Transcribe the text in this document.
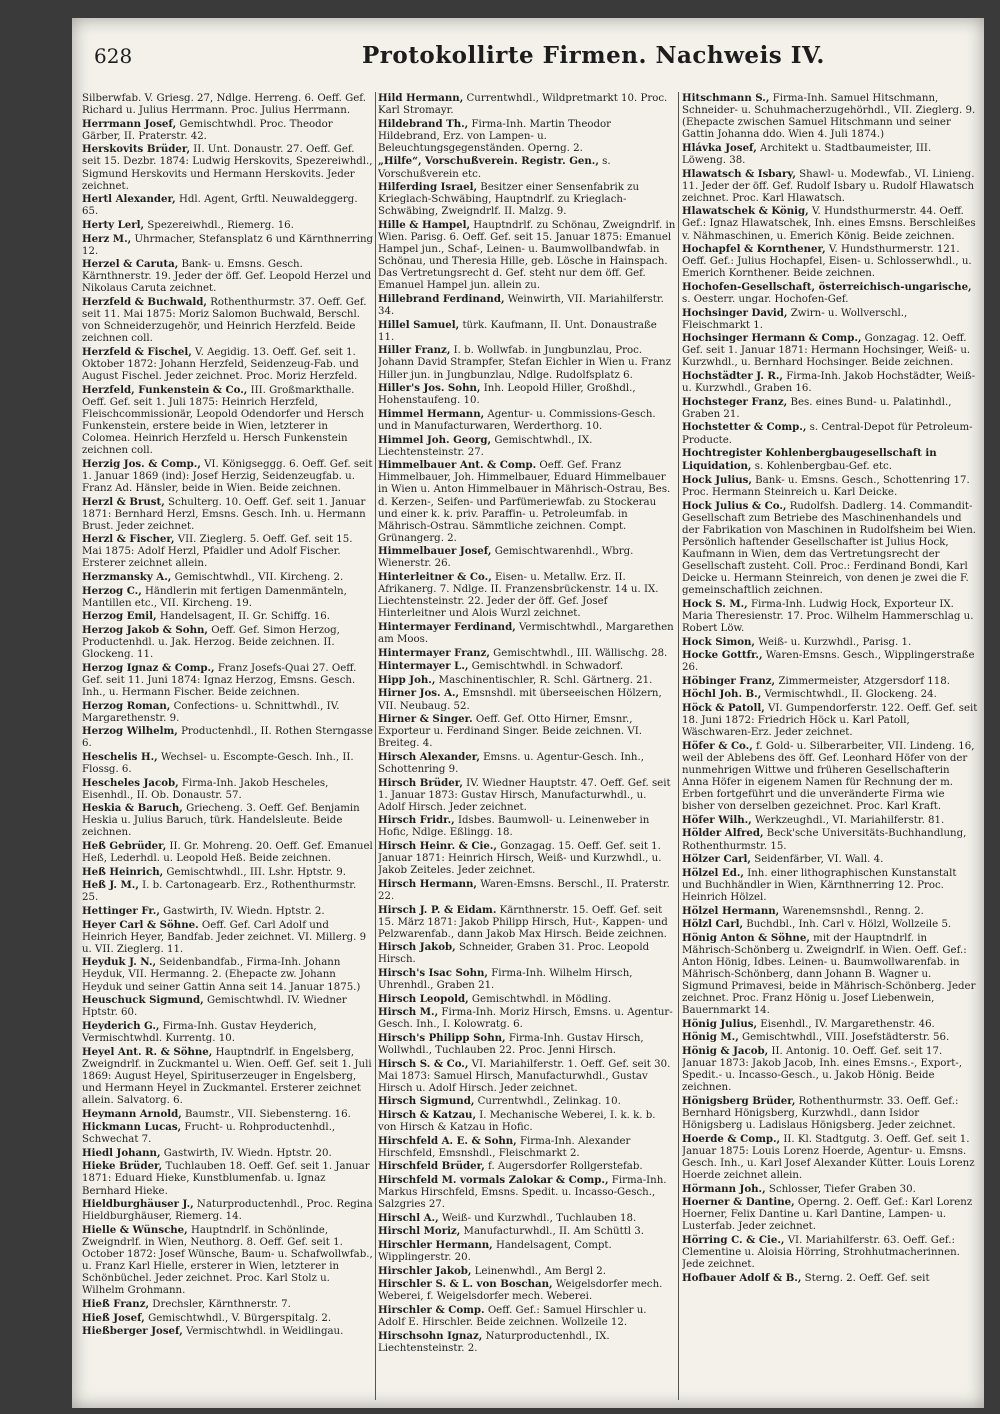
628	Protokollirte Firmen. Nachweis IV.
Silberwfab. V. Griesg. 27, Ndlge. Herreng. 6. Oeff. Gef. Richard u. Julius Herrmann. Proc. Julius Herrmann.
Herrmann Josef, Gemischtwhdl. Proc. Theodor Gärber, II. Praterstr. 42.
Herskovits Brüder, II. Unt. Donaustr. 27. Oeff. Gef. seit 15. Dezbr. 1874: Ludwig Herskovits, Spezereiwhdl., Sigmund Herskovits und Hermann Herskovits. Jeder zeichnet.
Hertl Alexander, Hdl. Agent, Grftl. Neuwaldeggerg. 65.
Herty Lerl, Spezereiwhdl., Riemerg. 16.
Herz M., Uhrmacher, Stefansplatz 6 und Kärnthnerring 12.
Herzel & Caruta, Bank- u. Emsns. Gesch. Kärnthnerstr. 19. Jeder der öff. Gef. Leopold Herzel und Nikolaus Caruta zeichnet.
Herzfeld & Buchwald, Rothenthurmstr. 37. Oeff. Gef. seit 11. Mai 1875: Moriz Salomon Buchwald, Berschl. von Schneiderzugehör, und Heinrich Herzfeld. Beide zeichnen coll.
Herzfeld & Fischel, V. Aegidig. 13. Oeff. Gef. seit 1. Oktober 1872: Johann Herzfeld, Seidenzeug-Fab. und August Fischel. Jeder zeichnet. Proc. Moriz Herzfeld.
Herzfeld, Funkenstein & Co., III. Großmarkthalle. Oeff. Gef. seit 1. Juli 1875: Heinrich Herzfeld, Fleischcommissionär, Leopold Odendorfer und Hersch Funkenstein, erstere beide in Wien, letzterer in Colomea. Heinrich Herzfeld u. Hersch Funkenstein zeichnen coll.
Herzig Jos. & Comp., VI. Königseggg. 6. Oeff. Gef. seit 1. Januar 1869 (ind): Josef Herzig, Seidenzeugfab. u. Franz Ad. Hänsler, beide in Wien. Beide zeichnen.
Herzl & Brust, Schulterg. 10. Oeff. Gef. seit 1. Januar 1871: Bernhard Herzl, Emsns. Gesch. Inh. u. Hermann Brust. Jeder zeichnet.
Herzl & Fischer, VII. Zieglerg. 5. Oeff. Gef. seit 15. Mai 1875: Adolf Herzl, Pfaidler und Adolf Fischer. Ersterer zeichnet allein.
Herzmansky A., Gemischtwhdl., VII. Kircheng. 2.
Herzog C., Händlerin mit fertigen Damenmänteln, Mantillen etc., VII. Kircheng. 19.
Herzog Emil, Handelsagent, II. Gr. Schiffg. 16.
Herzog Jakob & Sohn, Oeff. Gef. Simon Herzog, Productenhdl. u. Jak. Herzog. Beide zeichnen. II. Glockeng. 11.
Herzog Ignaz & Comp., Franz Josefs-Quai 27. Oeff. Gef. seit 11. Juni 1874: Ignaz Herzog, Emsns. Gesch. Inh., u. Hermann Fischer. Beide zeichnen.
Herzog Roman, Confections- u. Schnittwhdl., IV. Margarethenstr. 9.
Herzog Wilhelm, Productenhdl., II. Rothen Sterngasse 6.
Heschelis H., Wechsel- u. Escompte-Gesch. Inh., II. Flossg. 6.
Hescheles Jacob, Firma-Inh. Jakob Hescheles, Eisenhdl., II. Ob. Donaustr. 57.
Heskia & Baruch, Griecheng. 3. Oeff. Gef. Benjamin Heskia u. Julius Baruch, türk. Handelsleute. Beide zeichnen.
Heß Gebrüder, II. Gr. Mohreng. 20. Oeff. Gef. Emanuel Heß, Lederhdl. u. Leopold Heß. Beide zeichnen.
Heß Heinrich, Gemischtwhdl., III. Lshr. Hptstr. 9.
Heß J. M., I. b. Cartonagearb. Erz., Rothenthurmstr. 25.
Hettinger Fr., Gastwirth, IV. Wiedn. Hptstr. 2.
Heyer Carl & Söhne. Oeff. Gef. Carl Adolf und Heinrich Heyer, Bandfab. Jeder zeichnet. VI. Millerg. 9 u. VII. Zieglerg. 11.
Heyduk J. N., Seidenbandfab., Firma-Inh. Johann Heyduk, VII. Hermanng. 2. (Ehepacte zw. Johann Heyduk und seiner Gattin Anna seit 14. Januar 1875.)
Heuschuck Sigmund, Gemischtwhdl. IV. Wiedner Hptstr. 60.
Heyderich G., Firma-Inh. Gustav Heyderich, Vermischtwhdl. Kurrentg. 10.
Heyel Ant. R. & Söhne, Hauptndrlf. in Engelsberg, Zweigndrlf. in Zuckmantel u. Wien. Oeff. Gef. seit 1. Juli 1869: August Heyel, Spirituserzeuger in Engelsberg, und Hermann Heyel in Zuckmantel. Ersterer zeichnet allein. Salvatorg. 6.
Heymann Arnold, Baumstr., VII. Siebensterng. 16.
Hickmann Lucas, Frucht- u. Rohproductenhdl., Schwechat 7.
Hiedl Johann, Gastwirth, IV. Wiedn. Hptstr. 20.
Hieke Brüder, Tuchlauben 18. Oeff. Gef. seit 1. Januar 1871: Eduard Hieke, Kunstblumenfab. u. Ignaz Bernhard Hieke.
Hieldburghäuser J., Naturproductenhdl., Proc. Regina Hieldburghäuser, Riemerg. 14.
Hielle & Wünsche, Hauptndrlf. in Schönlinde, Zweigndrlf. in Wien, Neuthorg. 8. Oeff. Gef. seit 1. October 1872: Josef Wünsche, Baum- u. Schafwollwfab., u. Franz Karl Hielle, ersterer in Wien, letzterer in Schönbüchel. Jeder zeichnet. Proc. Karl Stolz u. Wilhelm Grohmann.
Hieß Franz, Drechsler, Kärnthnerstr. 7.
Hieß Josef, Gemischtwhdl., V. Bürgerspitalg. 2.
Hießberger Josef, Vermischtwhdl. in Weidlingau.
Hild Hermann, Currentwhdl., Wildpretmarkt 10. Proc. Karl Stromayr.
Hildebrand Th., Firma-Inh. Martin Theodor Hildebrand, Erz. von Lampen- u. Beleuchtungsgegenständen. Operng. 2.
„Hilfe“, Vorschußverein. Registr. Gen., s. Vorschußverein etc.
Hilferding Israel, Besitzer einer Sensenfabrik zu Krieglach-Schwäbing, Hauptndrlf. zu Krieglach-Schwäbing, Zweigndrlf. II. Malzg. 9.
Hille & Hampel, Hauptndrlf. zu Schönau, Zweigndrlf. in Wien. Parisg. 6. Oeff. Gef. seit 15. Januar 1875: Emanuel Hampel jun., Schaf-, Leinen- u. Baumwollbandwfab. in Schönau, und Theresia Hille, geb. Lösche in Hainspach. Das Vertretungsrecht d. Gef. steht nur dem öff. Gef. Emanuel Hampel jun. allein zu.
Hillebrand Ferdinand, Weinwirth, VII. Mariahilferstr. 34.
Hillel Samuel, türk. Kaufmann, II. Unt. Donaustraße 11.
Hiller Franz, I. b. Wollwfab. in Jungbunzlau, Proc. Johann David Strampfer, Stefan Eichler in Wien u. Franz Hiller jun. in Jungbunzlau, Ndlge. Rudolfsplatz 6.
Hiller's Jos. Sohn, Inh. Leopold Hiller, Großhdl., Hohenstaufeng. 10.
Himmel Hermann, Agentur- u. Commissions-Gesch. und in Manufacturwaren, Werderthorg. 10.
Himmel Joh. Georg, Gemischtwhdl., IX. Liechtensteinstr. 27.
Himmelbauer Ant. & Comp. Oeff. Gef. Franz Himmelbauer, Joh. Himmelbauer, Eduard Himmelbauer in Wien u. Anton Himmelbauer in Mährisch-Ostrau, Bes. d. Kerzen-, Seifen- und Parfümeriewfab. zu Stockerau und einer k. k. priv. Paraffin- u. Petroleumfab. in Mährisch-Ostrau. Sämmtliche zeichnen. Compt. Grünangerg. 2.
Himmelbauer Josef, Gemischtwarenhdl., Wbrg. Wienerstr. 26.
Hinterleitner & Co., Eisen- u. Metallw. Erz. II. Afrikanerg. 7. Ndlge. II. Franzensbrückenstr. 14 u. IX. Liechtensteinstr. 22. Jeder der öff. Gef. Josef Hinterleitner und Alois Wurzl zeichnet.
Hintermayer Ferdinand, Vermischtwhdl., Margarethen am Moos.
Hintermayer Franz, Gemischtwhdl., III. Wällischg. 28.
Hintermayer L., Gemischtwhdl. in Schwadorf.
Hipp Joh., Maschinentischler, R. Schl. Gärtnerg. 21.
Hirner Jos. A., Emsnshdl. mit überseeischen Hölzern, VII. Neubaug. 52.
Hirner & Singer. Oeff. Gef. Otto Hirner, Emsnr., Exporteur u. Ferdinand Singer. Beide zeichnen. VI. Breiteg. 4.
Hirsch Alexander, Emsns. u. Agentur-Gesch. Inh., Schottenring 9.
Hirsch Brüder, IV. Wiedner Hauptstr. 47. Oeff. Gef. seit 1. Januar 1873: Gustav Hirsch, Manufacturwhdl., u. Adolf Hirsch. Jeder zeichnet.
Hirsch Fridr., Idsbes. Baumwoll- u. Leinenweber in Hofic, Ndlge. Eßlingg. 18.
Hirsch Heinr. & Cie., Gonzagag. 15. Oeff. Gef. seit 1. Januar 1871: Heinrich Hirsch, Weiß- und Kurzwhdl., u. Jakob Zeiteles. Jeder zeichnet.
Hirsch Hermann, Waren-Emsns. Berschl., II. Praterstr. 22.
Hirsch J. P. & Eidam. Kärnthnerstr. 15. Oeff. Gef. seit 15. März 1871: Jakob Philipp Hirsch, Hut-, Kappen- und Pelzwarenfab., dann Jakob Max Hirsch. Beide zeichnen.
Hirsch Jakob, Schneider, Graben 31. Proc. Leopold Hirsch.
Hirsch's Isac Sohn, Firma-Inh. Wilhelm Hirsch, Uhrenhdl., Graben 21.
Hirsch Leopold, Gemischtwhdl. in Mödling.
Hirsch M., Firma-Inh. Moriz Hirsch, Emsns. u. Agentur-Gesch. Inh., I. Kolowratg. 6.
Hirsch's Philipp Sohn, Firma-Inh. Gustav Hirsch, Wollwhdl., Tuchlauben 22. Proc. Jenni Hirsch.
Hirsch S. & Co., VI. Mariahilferstr. 1. Oeff. Gef. seit 30. Mai 1873: Samuel Hirsch, Manufacturwhdl., Gustav Hirsch u. Adolf Hirsch. Jeder zeichnet.
Hirsch Sigmund, Currentwhdl., Zelinkag. 10.
Hirsch & Katzau, I. Mechanische Weberei, I. k. k. b. von Hirsch & Katzau in Hofic.
Hirschfeld A. E. & Sohn, Firma-Inh. Alexander Hirschfeld, Emsnshdl., Fleischmarkt 2.
Hirschfeld Brüder, f. Augersdorfer Rollgerstefab.
Hirschfeld M. vormals Zalokar & Comp., Firma-Inh. Markus Hirschfeld, Emsns. Spedit. u. Incasso-Gesch., Salzgries 27.
Hirschl A., Weiß- und Kurzwhdl., Tuchlauben 18.
Hirschl Moriz, Manufacturwhdl., II. Am Schüttl 3.
Hirschler Hermann, Handelsagent, Compt. Wipplingerstr. 20.
Hirschler Jakob, Leinenwhdl., Am Bergl 2.
Hirschler S. & L. von Boschan, Weigelsdorfer mech. Weberei, f. Weigelsdorfer mech. Weberei.
Hirschler & Comp. Oeff. Gef.: Samuel Hirschler u. Adolf E. Hirschler. Beide zeichnen. Wollzeile 12.
Hirschsohn Ignaz, Naturproductenhdl., IX. Liechtensteinstr. 2.
Hitschmann S., Firma-Inh. Samuel Hitschmann, Schneider- u. Schuhmacherzugehörhdl., VII. Zieglerg. 9. (Ehepacte zwischen Samuel Hitschmann und seiner Gattin Johanna ddo. Wien 4. Juli 1874.)
Hlávka Josef, Architekt u. Stadtbaumeister, III. Löweng. 38.
Hlawatsch & Isbary, Shawl- u. Modewfab., VI. Linieng. 11. Jeder der öff. Gef. Rudolf Isbary u. Rudolf Hlawatsch zeichnet. Proc. Karl Hlawatsch.
Hlawatschek & König, V. Hundsthurmerstr. 44. Oeff. Gef.: Ignaz Hlawatschek, Inh. eines Emsns. Berschleißes v. Nähmaschinen, u. Emerich König. Beide zeichnen.
Hochapfel & Kornthener, V. Hundsthurmerstr. 121. Oeff. Gef.: Julius Hochapfel, Eisen- u. Schlosserwhdl., u. Emerich Kornthener. Beide zeichnen.
Hochofen-Gesellschaft, österreichisch-ungarische, s. Oesterr. ungar. Hochofen-Gef.
Hochsinger David, Zwirn- u. Wollverschl., Fleischmarkt 1.
Hochsinger Hermann & Comp., Gonzagag. 12. Oeff. Gef. seit 1. Januar 1871: Hermann Hochsinger, Weiß- u. Kurzwhdl., u. Bernhard Hochsinger. Beide zeichnen.
Hochstädter J. R., Firma-Inh. Jakob Hochstädter, Weiß- u. Kurzwhdl., Graben 16.
Hochsteger Franz, Bes. eines Bund- u. Palatinhdl., Graben 21.
Hochstetter & Comp., s. Central-Depot für Petroleum-Producte.
Hochtregister Kohlenbergbaugesellschaft in Liquidation, s. Kohlenbergbau-Gef. etc.
Hock Julius, Bank- u. Emsns. Gesch., Schottenring 17. Proc. Hermann Steinreich u. Karl Deicke.
Hock Julius & Co., Rudolfsh. Dadlerg. 14. Commandit-Gesellschaft zum Betriebe des Maschinenhandels und der Fabrikation von Maschinen in Rudolfsheim bei Wien. Persönlich haftender Gesellschafter ist Julius Hock, Kaufmann in Wien, dem das Vertretungsrecht der Gesellschaft zusteht. Coll. Proc.: Ferdinand Bondi, Karl Deicke u. Hermann Steinreich, von denen je zwei die F. gemeinschaftlich zeichnen.
Hock S. M., Firma-Inh. Ludwig Hock, Exporteur IX. Maria Theresienstr. 17. Proc. Wilhelm Hammerschlag u. Robert Löw.
Hock Simon, Weiß- u. Kurzwhdl., Parisg. 1.
Hocke Gottfr., Waren-Emsns. Gesch., Wipplingerstraße 26.
Höbinger Franz, Zimmermeister, Atzgersdorf 118.
Höchl Joh. B., Vermischtwhdl., II. Glockeng. 24.
Höck & Patoll, VI. Gumpendorferstr. 122. Oeff. Gef. seit 18. Juni 1872: Friedrich Höck u. Karl Patoll, Wäschwaren-Erz. Jeder zeichnet.
Höfer & Co., f. Gold- u. Silberarbeiter, VII. Lindeng. 16, weil der Ablebens des öff. Gef. Leonhard Höfer von der nunmehrigen Wittwe und früheren Gesellschafterin Anna Höfer in eigenem Namen für Rechnung der m. Erben fortgeführt und die unveränderte Firma wie bisher von derselben gezeichnet. Proc. Karl Kraft.
Höfer Wilh., Werkzeughdl., VI. Mariahilferstr. 81.
Hölder Alfred, Beck'sche Universitäts-Buchhandlung, Rothenthurmstr. 15.
Hölzer Carl, Seidenfärber, VI. Wall. 4.
Hölzel Ed., Inh. einer lithographischen Kunstanstalt und Buchhändler in Wien, Kärnthnerring 12. Proc. Heinrich Hölzel.
Hölzel Hermann, Warenemsnshdl., Renng. 2.
Hölzl Carl, Buchdbl., Inh. Carl v. Hölzl, Wollzeile 5.
Hönig Anton & Söhne, mit der Hauptndrlf. in Mährisch-Schönberg u. Zweigndrlf. in Wien. Oeff. Gef.: Anton Hönig, Idbes. Leinen- u. Baumwollwarenfab. in Mährisch-Schönberg, dann Johann B. Wagner u. Sigmund Primavesi, beide in Mährisch-Schönberg. Jeder zeichnet. Proc. Franz Hönig u. Josef Liebenwein, Bauernmarkt 14.
Hönig Julius, Eisenhdl., IV. Margarethenstr. 46.
Hönig M., Gemischtwhdl., VIII. Josefstädterstr. 56.
Hönig & Jacob, II. Antonig. 10. Oeff. Gef. seit 17. Januar 1873: Jakob Jacob, Inh. eines Emsns.-, Export-, Spedit.- u. Incasso-Gesch., u. Jakob Hönig. Beide zeichnen.
Hönigsberg Brüder, Rothenthurmstr. 33. Oeff. Gef.: Bernhard Hönigsberg, Kurzwhdl., dann Isidor Hönigsberg u. Ladislaus Hönigsberg. Jeder zeichnet.
Hoerde & Comp., II. Kl. Stadtgutg. 3. Oeff. Gef. seit 1. Januar 1875: Louis Lorenz Hoerde, Agentur- u. Emsns. Gesch. Inh., u. Karl Josef Alexander Kütter. Louis Lorenz Hoerde zeichnet allein.
Hörmann Joh., Schlosser, Tiefer Graben 30.
Hoerner & Dantine, Operng. 2. Oeff. Gef.: Karl Lorenz Hoerner, Felix Dantine u. Karl Dantine, Lampen- u. Lusterfab. Jeder zeichnet.
Hörring C. & Cie., VI. Mariahilferstr. 63. Oeff. Gef.: Clementine u. Aloisia Hörring, Strohhutmacherinnen. Jede zeichnet.
Hofbauer Adolf & B., Sterng. 2. Oeff. Gef. seit
